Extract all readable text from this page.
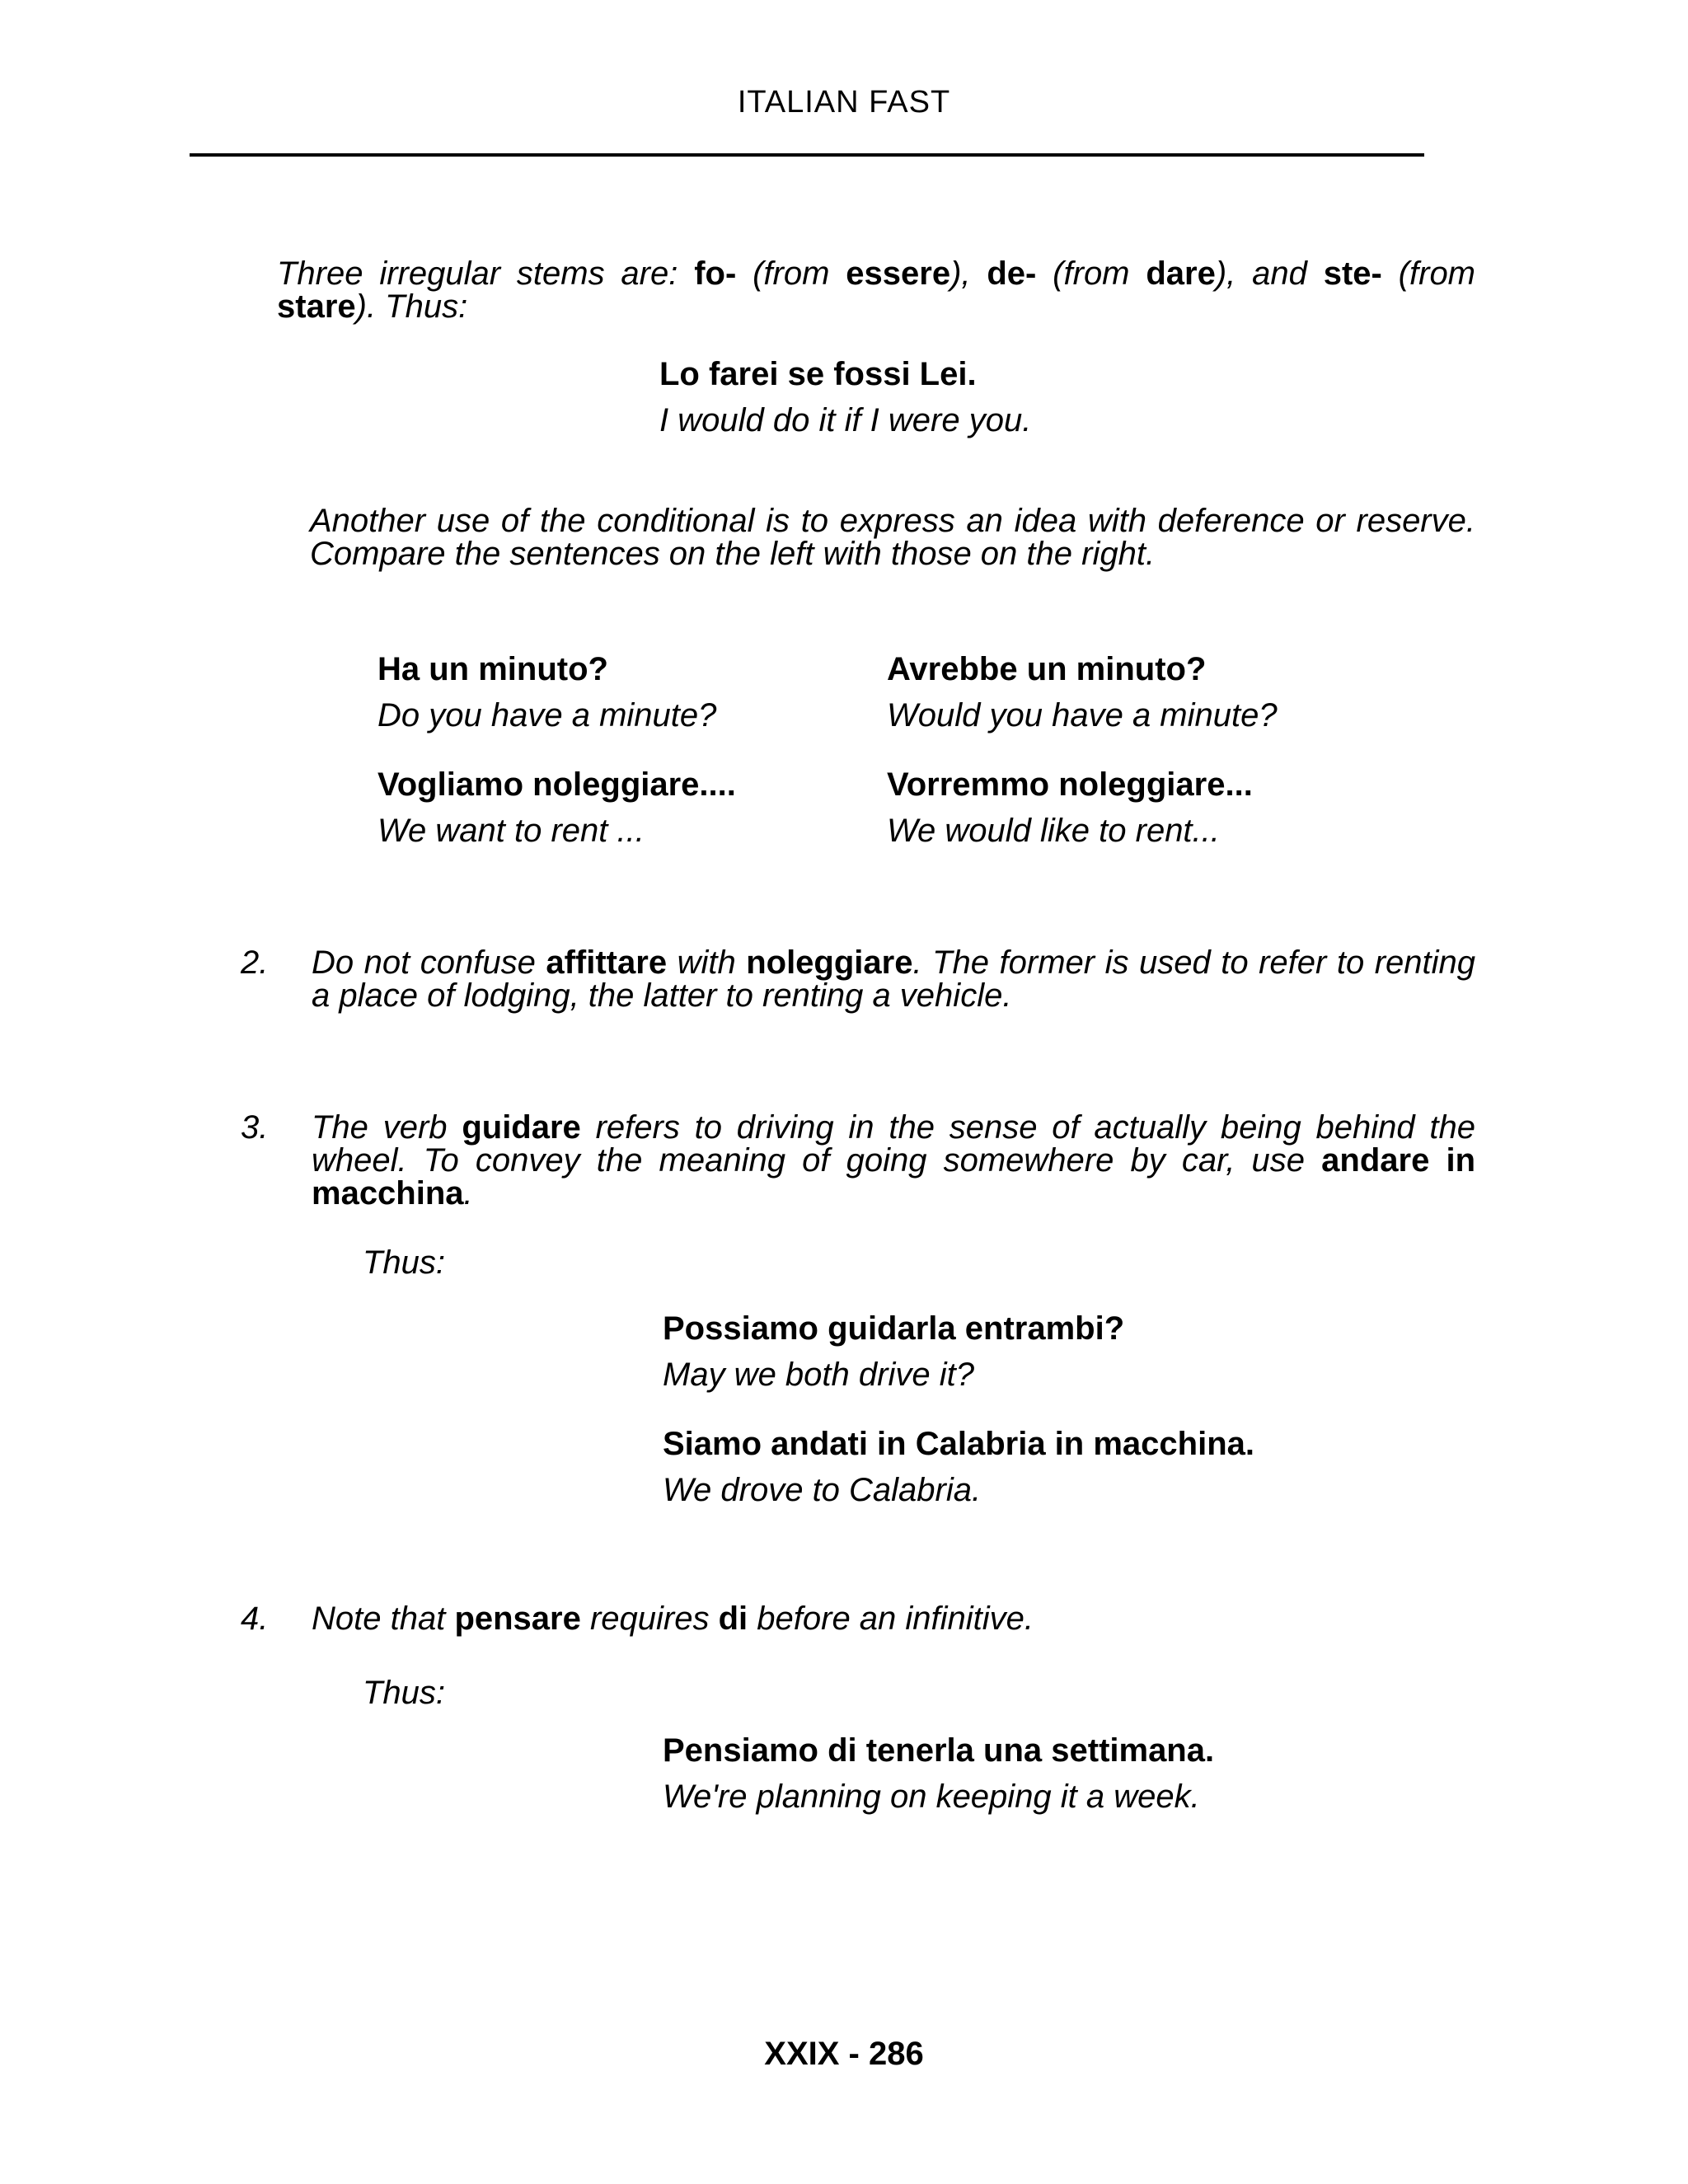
ITALIAN FAST
Three irregular stems are: fo- (from essere), de- (from dare), and ste- (from stare). Thus:
Lo farei se fossi Lei.
I would do it if I were you.
Another use of the conditional is to express an idea with deference or reserve. Compare the sentences on the left with those on the right.
Ha un minuto?
Do you have a minute?
Vogliamo noleggiare....
We want to rent ...
Avrebbe un minuto?
Would you have a minute?
Vorremmo noleggiare...
We would like to rent...
2. Do not confuse affittare with noleggiare. The former is used to refer to renting a place of lodging, the latter to renting a vehicle.
3. The verb guidare refers to driving in the sense of actually being behind the wheel. To convey the meaning of going somewhere by car, use andare in macchina.
Thus:
Possiamo guidarla entrambi?
May we both drive it?
Siamo andati in Calabria in macchina.
We drove to Calabria.
4. Note that pensare requires di before an infinitive.
Thus:
Pensiamo di tenerla una settimana.
We're planning on keeping it a week.
XXIX - 286
